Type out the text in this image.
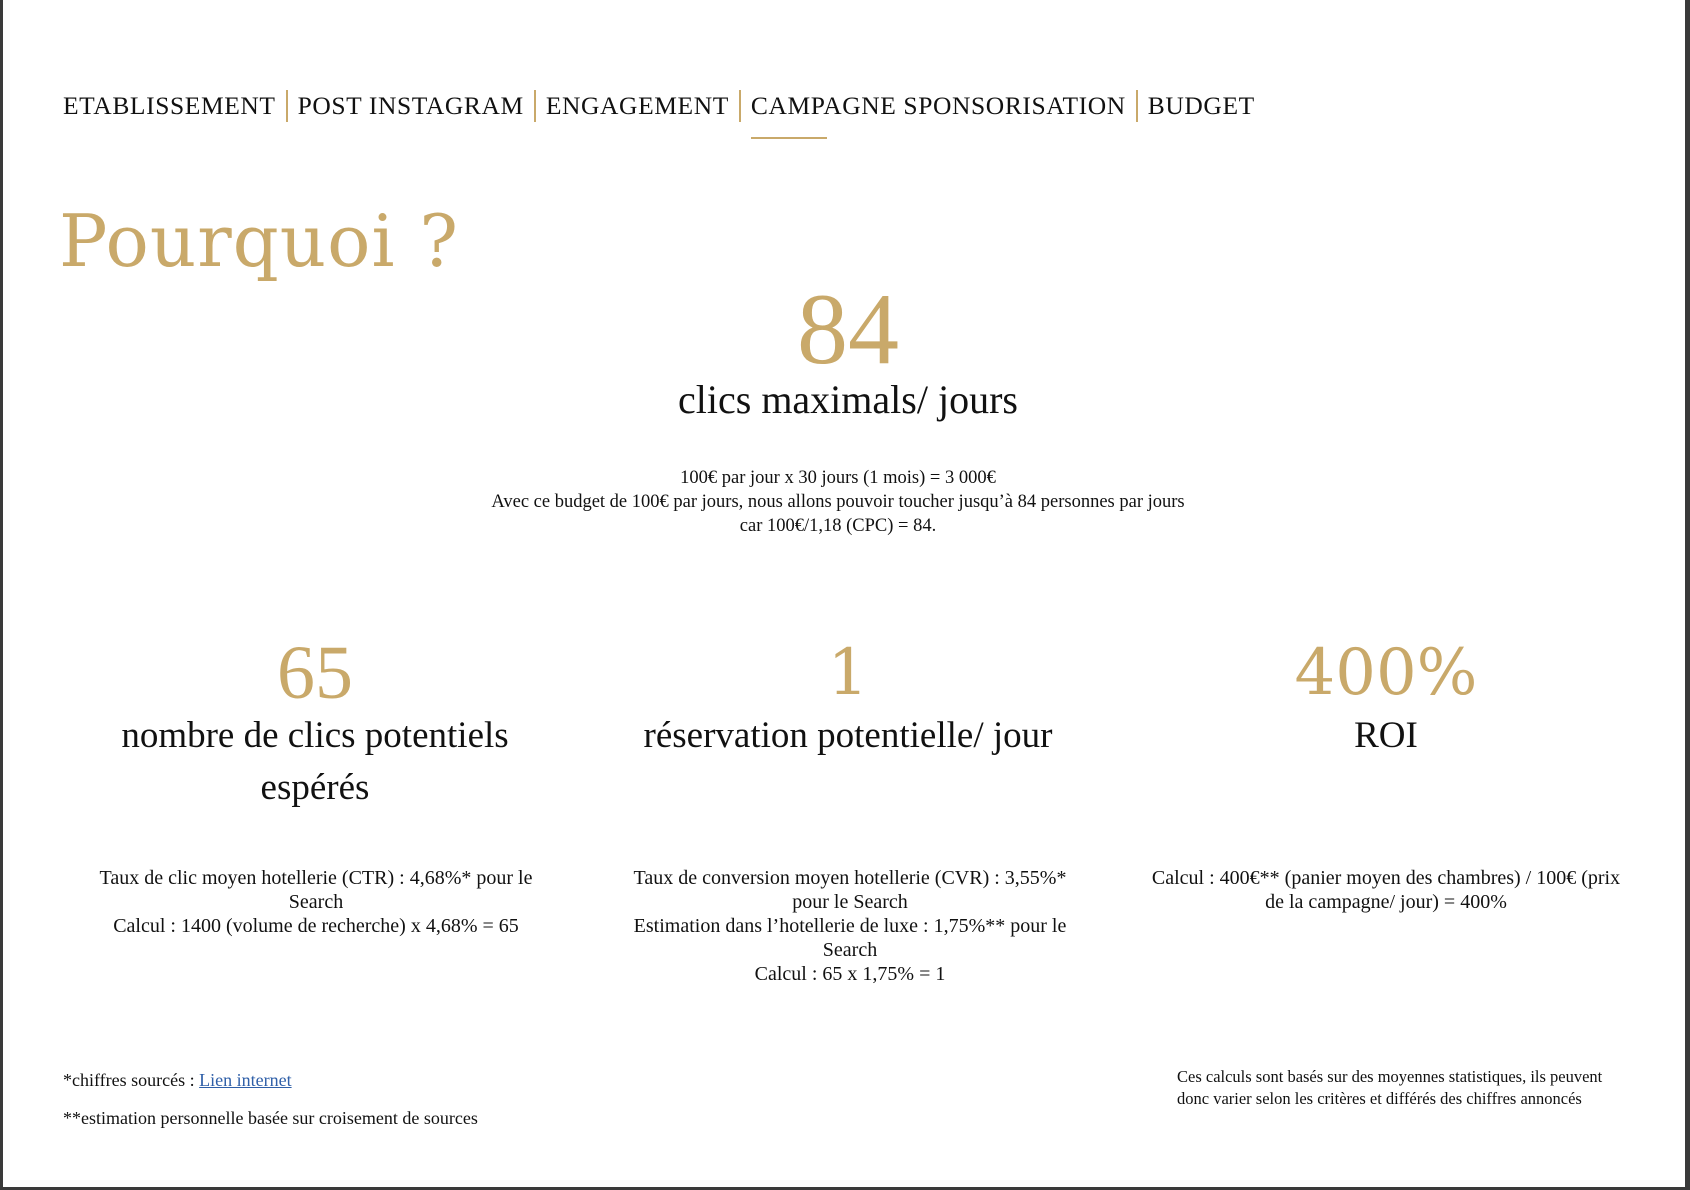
ETABLISSEMENT POST INSTAGRAM ENGAGEMENT CAMPAGNE SPONSORISATION BUDGET
Pourquoi ?
84
clics maximals/ jours
100€ par jour x 30 jours (1 mois) = 3 000€
Avec ce budget de 100€ par jours, nous allons pouvoir toucher jusqu’à 84 personnes par jours
car 100€/1,18 (CPC) = 84.
65
nombre de clics potentiels espérés
Taux de clic moyen hotellerie (CTR) : 4,68%* pour le Search
Calcul : 1400 (volume de recherche) x 4,68% = 65
1
réservation potentielle/ jour
Taux de conversion moyen hotellerie (CVR) : 3,55%* pour le Search
Estimation dans l’hotellerie de luxe : 1,75%** pour le Search
Calcul : 65 x 1,75% = 1
400%
ROI
Calcul : 400€** (panier moyen des chambres) / 100€ (prix de la campagne/ jour) = 400%
*chiffres sourcés : Lien internet
**estimation personnelle basée sur croisement de sources
Ces calculs sont basés sur des moyennes statistiques, ils peuvent donc varier selon les critères et différés des chiffres annoncés
